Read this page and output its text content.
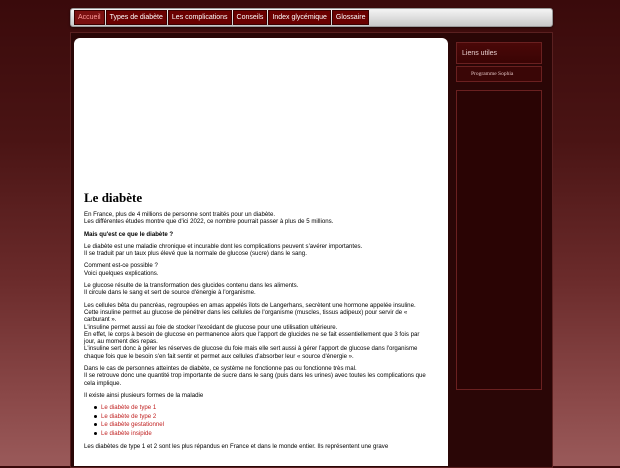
Accueil	Types de diabète	Les complications	Conseils	Index glycémique	Glossaire
Le diabète

En France, plus de 4 millions de personne sont traités pour un diabète.
Les différentes études montre que d'ici 2022, ce nombre pourrait passer à plus de 5 millions.

Mais qu'est ce que le diabète ?

Le diabète est une maladie chronique et incurable dont les complications peuvent s'avérer importantes.
Il se traduit par un taux plus élevé que la normale de glucose (sucre) dans le sang.

Comment est-ce possible ?
Voici quelques explications.

Le glucose résulte de la transformation des glucides contenu dans les aliments.
Il circule dans le sang et sert de source d'énergie à l'organisme.

Les cellules bêta du pancréas, regroupées en amas appelés îlots de Langerhans, secrètent une hormone appelée insuline. Cette insuline permet au glucose de pénétrer dans les cellules de l'organisme (muscles, tissus adipeux) pour servir de « carburant ».
L'insuline permet aussi au foie de stocker l'excédant de glucose pour une utilisation ultérieure.
En effet, le corps à besoin de glucose en permanence alors que l'apport de glucides ne se fait essentiellement que 3 fois par jour, au moment des repas.
L'insuline sert donc à gérer les réserves de glucose du foie mais elle sert aussi à gérer l'apport de glucose dans l'organisme chaque fois que le besoin s'en fait sentir et permet aux cellules d'absorber leur « source d'énergie ».

Dans le cas de personnes atteintes de diabète, ce système ne fonctionne pas ou fonctionne très mal.
Il se retrouve donc une quantité trop importante de sucre dans le sang (puis dans les urines) avec toutes les complications que cela implique.

Il existe ainsi plusieurs formes de la maladie

Le diabète de type 1
Le diabète de type 2
Le diabète gestationnel
Le diabète insipide

Les diabètes de type 1 et 2 sont les plus répandus en France et dans le monde entier. Ils représentent une grave

Liens utiles
Programme Sophia
